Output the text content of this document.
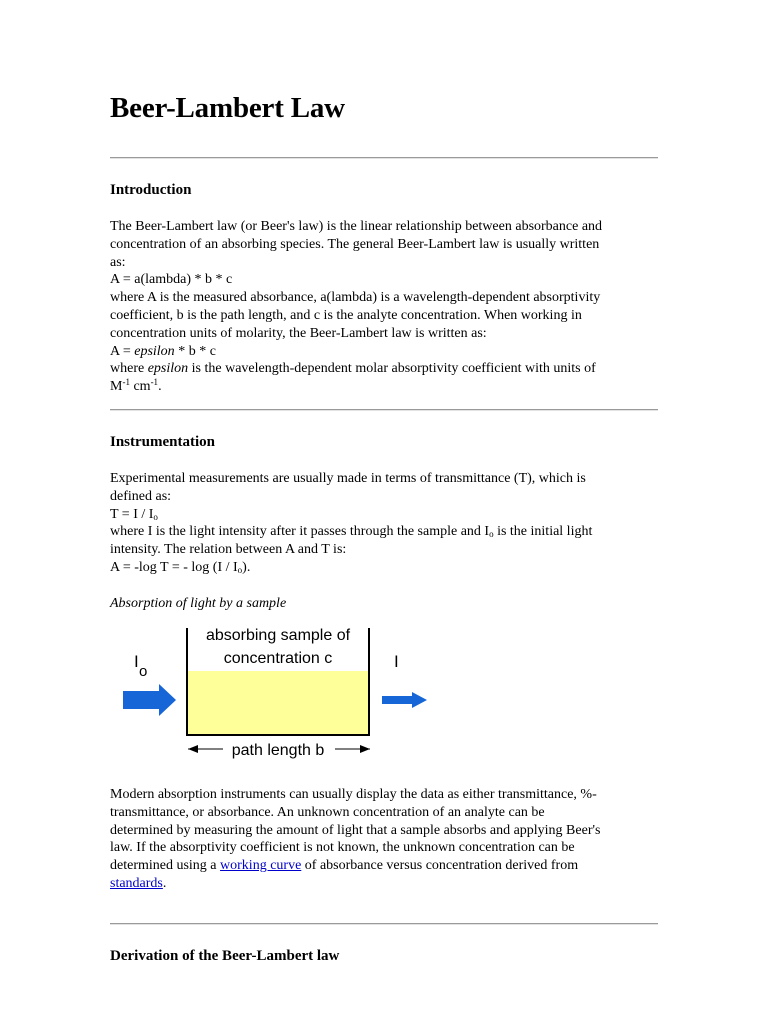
Beer-Lambert Law
Introduction
The Beer-Lambert law (or Beer's law) is the linear relationship between absorbance and
concentration of an absorbing species. The general Beer-Lambert law is usually written
as:
A = a(lambda) * b * c
where A is the measured absorbance, a(lambda) is a wavelength-dependent absorptivity
coefficient, b is the path length, and c is the analyte concentration. When working in
concentration units of molarity, the Beer-Lambert law is written as:
A = epsilon * b * c
where epsilon is the wavelength-dependent molar absorptivity coefficient with units of
$M^{-1}$ $cm^{-1}$.
Instrumentation
Experimental measurements are usually made in terms of transmittance (T), which is
defined as:
$T = I / I_o$
where I is the light intensity after it passes through the sample and $I_o$ is the initial light
intensity. The relation between A and T is:
A = -log T = - $\log (I / I_o)$.

Absorption of light by a sample

absorbing sample of
concentration c
I
o
I
path length b
Modern absorption instruments can usually display the data as either transmittance, %-
transmittance, or absorbance. An unknown concentration of an analyte can be
determined by measuring the amount of light that a sample absorbs and applying Beer's
law. If the absorptivity coefficient is not known, the unknown concentration can be
determined using a working curve of absorbance versus concentration derived from
standards.
Derivation of the Beer-Lambert law
